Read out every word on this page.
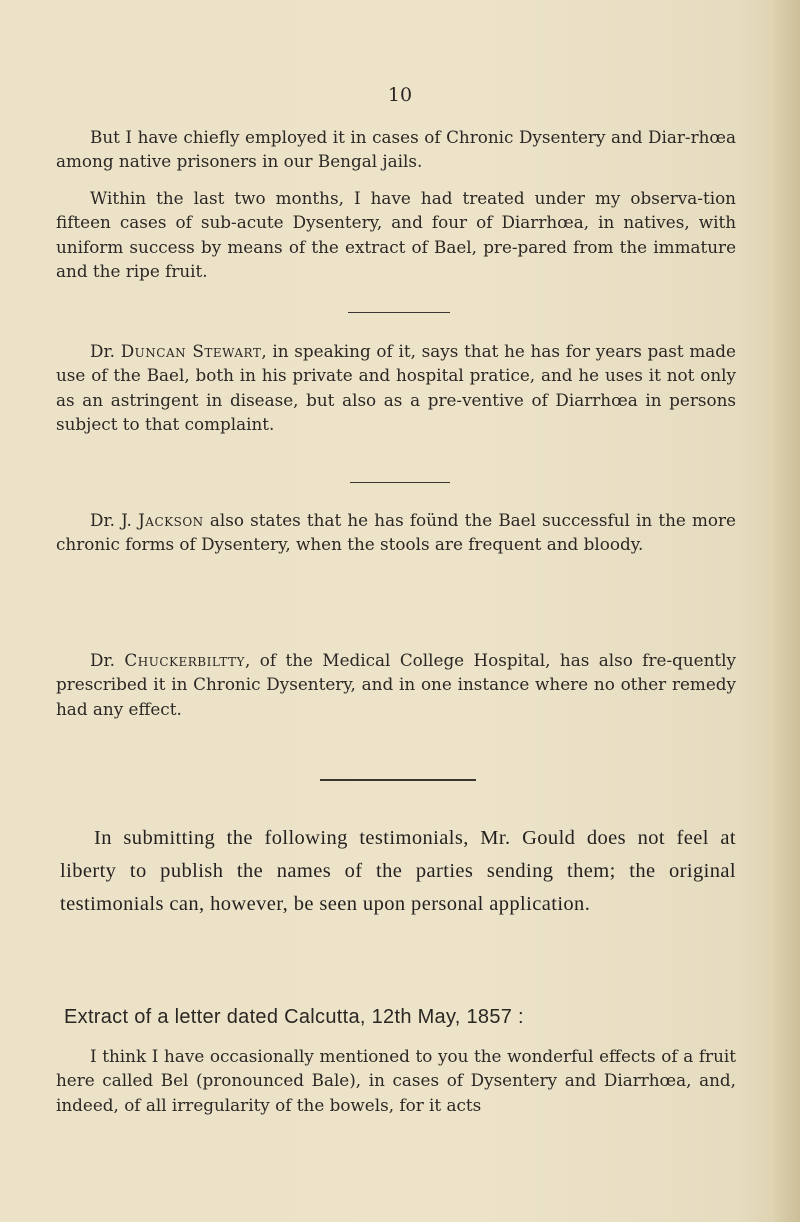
10

But I have chiefly employed it in cases of Chronic Dysentery and Diar-rhœa among native prisoners in our Bengal jails.

Within the last two months, I have had treated under my observa-tion fifteen cases of sub-acute Dysentery, and four of Diarrhœa, in natives, with uniform success by means of the extract of Bael, pre-pared from the immature and the ripe fruit.

Dr. Duncan Stewart, in speaking of it, says that he has for years past made use of the Bael, both in his private and hospital pratice, and he uses it not only as an astringent in disease, but also as a pre-ventive of Diarrhœa in persons subject to that complaint.

Dr. J. Jackson also states that he has foünd the Bael successful in the more chronic forms of Dysentery, when the stools are frequent and bloody.

Dr. Chuckerbiltty, of the Medical College Hospital, has also fre-quently prescribed it in Chronic Dysentery, and in one instance where no other remedy had any effect.

In submitting the following testimonials, Mr. Gould does not feel at liberty to publish the names of the parties sending them; the original testimonials can, however, be seen upon personal application.

Extract of a letter dated Calcutta, 12th May, 1857 :

I think I have occasionally mentioned to you the wonderful effects of a fruit here called Bel (pronounced Bale), in cases of Dysentery and Diarrhœa, and, indeed, of all irregularity of the bowels, for it acts
